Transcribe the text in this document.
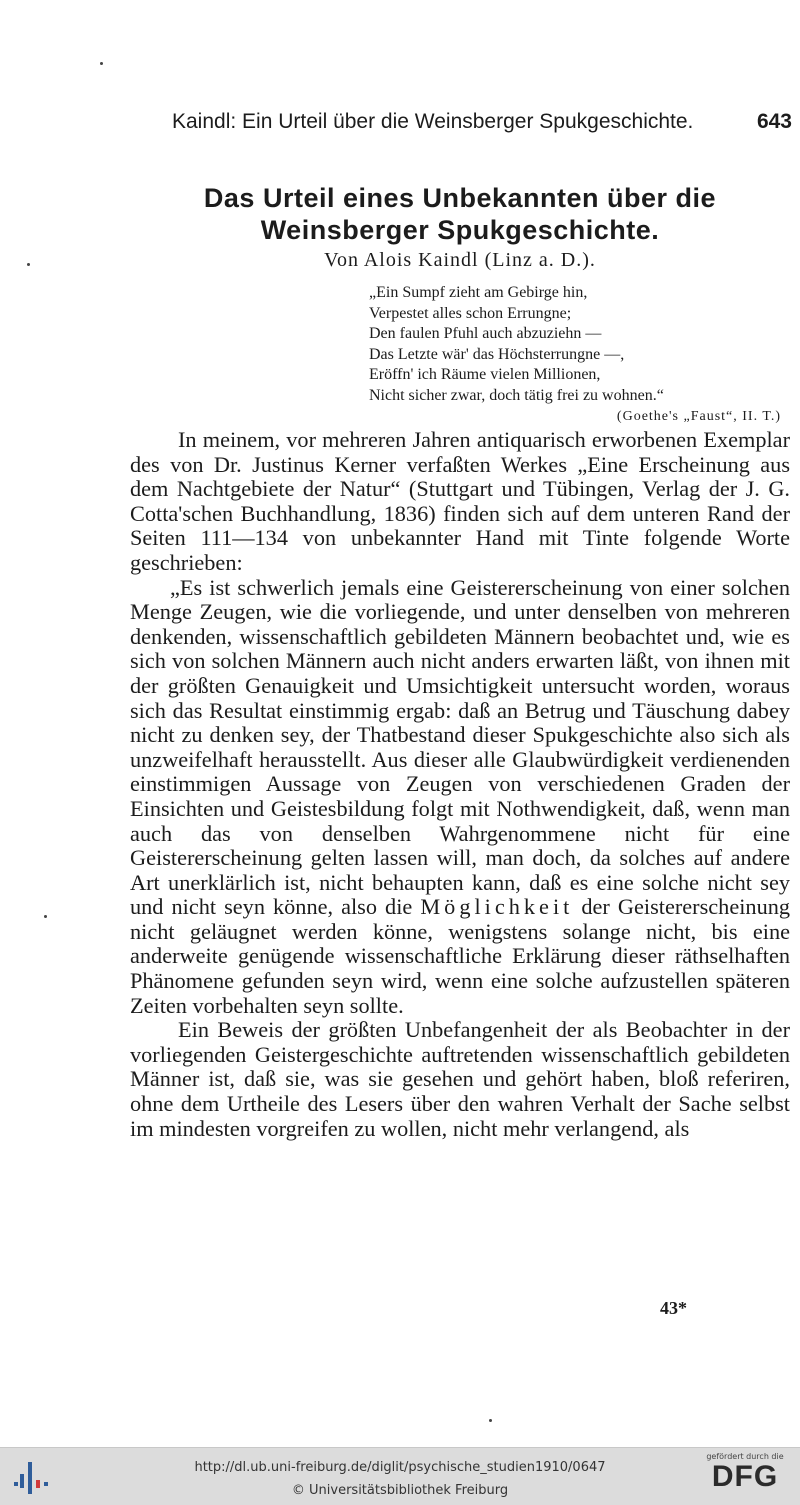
Kaindl: Ein Urteil über die Weinsberger Spukgeschichte.	643
Das Urteil eines Unbekannten über die
Weinsberger Spukgeschichte.
Von Alois Kaindl (Linz a. D.).
„Ein Sumpf zieht am Gebirge hin,
Verpestet alles schon Errungne;
Den faulen Pfuhl auch abzuziehn —
Das Letzte wär' das Höchsterrungne —,
Eröffn' ich Räume vielen Millionen,
Nicht sicher zwar, doch tätig frei zu wohnen.“
(Goethe's „Faust“, II. T.)

In meinem, vor mehreren Jahren antiquarisch erworbenen Exemplar des von Dr. Justinus Kerner verfaßten Werkes „Eine Erscheinung aus dem Nachtgebiete der Natur“ (Stuttgart und Tübingen, Verlag der J. G. Cotta'schen Buchhandlung, 1836) finden sich auf dem unteren Rand der Seiten 111—134 von unbekannter Hand mit Tinte folgende Worte geschrieben:

„Es ist schwerlich jemals eine Geistererscheinung von einer solchen Menge Zeugen, wie die vorliegende, und unter denselben von mehreren denkenden, wissenschaftlich gebildeten Männern beobachtet und, wie es sich von solchen Männern auch nicht anders erwarten läßt, von ihnen mit der größten Genauigkeit und Umsichtigkeit untersucht worden, woraus sich das Resultat einstimmig ergab: daß an Betrug und Täuschung dabey nicht zu denken sey, der Thatbestand dieser Spukgeschichte also sich als unzweifelhaft herausstellt. Aus dieser alle Glaubwürdigkeit verdienenden einstimmigen Aussage von Zeugen von verschiedenen Graden der Einsichten und Geistesbildung folgt mit Nothwendigkeit, daß, wenn man auch das von denselben Wahrgenommene nicht für eine Geistererscheinung gelten lassen will, man doch, da solches auf andere Art unerklärlich ist, nicht behaupten kann, daß es eine solche nicht sey und nicht seyn könne, also die Möglichkeit der Geistererscheinung nicht geläugnet werden könne, wenigstens solange nicht, bis eine anderweite genügende wissenschaftliche Erklärung dieser räthselhaften Phänomene gefunden seyn wird, wenn eine solche aufzustellen späteren Zeiten vorbehalten seyn sollte.

Ein Beweis der größten Unbefangenheit der als Beobachter in der vorliegenden Geistergeschichte auftretenden wissenschaftlich gebildeten Männer ist, daß sie, was sie gesehen und gehört haben, bloß referiren, ohne dem Urtheile des Lesers über den wahren Verhalt der Sache selbst im mindesten vorgreifen zu wollen, nicht mehr verlangend, als

43*
http://dl.ub.uni-freiburg.de/diglit/psychische_studien1910/0647
© Universitätsbibliothek Freiburg
gefördert durch die
DFG
